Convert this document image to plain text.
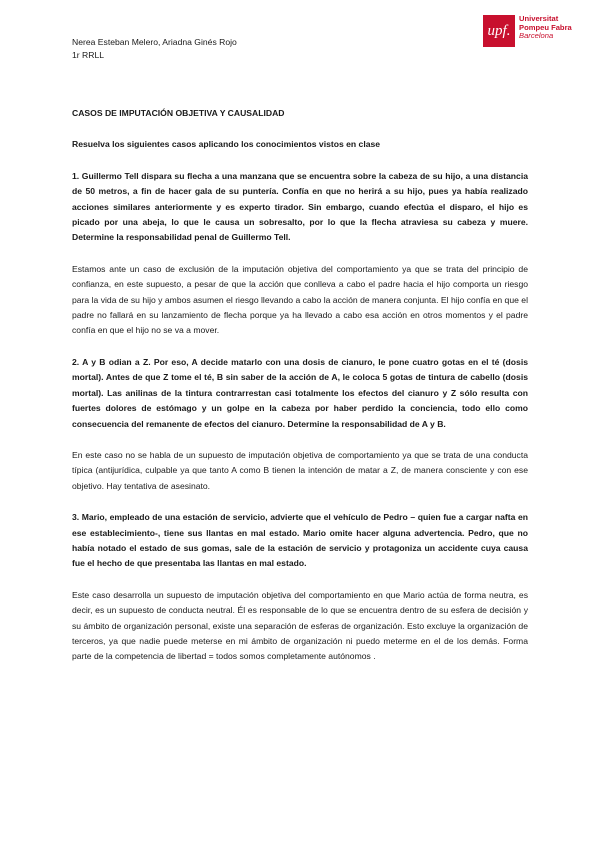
Nerea Esteban Melero, Ariadna Ginés Rojo
1r RRLL
upf.
Universitat
Pompeu Fabra
Barcelona

CASOS DE IMPUTACIÓN OBJETIVA Y CAUSALIDAD

Resuelva los siguientes casos aplicando los conocimientos vistos en clase

1. Guillermo Tell dispara su flecha a una manzana que se encuentra sobre la cabeza de su hijo, a una distancia de 50 metros, a fin de hacer gala de su puntería. Confía en que no herirá a su hijo, pues ya había realizado acciones similares anteriormente y es experto tirador. Sin embargo, cuando efectúa el disparo, el hijo es picado por una abeja, lo que le causa un sobresalto, por lo que la flecha atraviesa su cabeza y muere. Determine la responsabilidad penal de Guillermo Tell.

Estamos ante un caso de exclusión de la imputación objetiva del comportamiento ya que se trata del principio de confianza, en este supuesto, a pesar de que la acción que conlleva a cabo el padre hacia el hijo comporta un riesgo para la vida de su hijo y ambos asumen el riesgo llevando a cabo la acción de manera conjunta. El hijo confía en que el padre no fallará en su lanzamiento de flecha porque ya ha llevado a cabo esa acción en otros momentos y el padre confía en que el hijo no se va a mover.

2. A y B odian a Z. Por eso, A decide matarlo con una dosis de cianuro, le pone cuatro gotas en el té (dosis mortal). Antes de que Z tome el té, B sin saber de la acción de A, le coloca 5 gotas de tintura de cabello (dosis mortal). Las anilinas de la tintura contrarrestan casi totalmente los efectos del cianuro y Z sólo resulta con fuertes dolores de estómago y un golpe en la cabeza por haber perdido la conciencia, todo ello como consecuencia del remanente de efectos del cianuro. Determine la responsabilidad de A y B.

En este caso no se habla de un supuesto de imputación objetiva de comportamiento ya que se trata de una conducta típica (antijurídica, culpable ya que tanto A como B tienen la intención de matar a Z, de manera consciente y con ese objetivo. Hay tentativa de asesinato.

3. Mario, empleado de una estación de servicio, advierte que el vehículo de Pedro – quien fue a cargar nafta en ese establecimiento-, tiene sus llantas en mal estado. Mario omite hacer alguna advertencia. Pedro, que no había notado el estado de sus gomas, sale de la estación de servicio y protagoniza un accidente cuya causa fue el hecho de que presentaba las llantas en mal estado.

Este caso desarrolla un supuesto de imputación objetiva del comportamiento en que Mario actúa de forma neutra, es decir, es un supuesto de conducta neutral. Él es responsable de lo que se encuentra dentro de su esfera de decisión y su ámbito de organización personal, existe una separación de esferas de organización. Esto excluye la organización de terceros, ya que nadie puede meterse en mi ámbito de organización ni puedo meterme en el de los demás. Forma parte de la competencia de libertad = todos somos completamente autónomos .
